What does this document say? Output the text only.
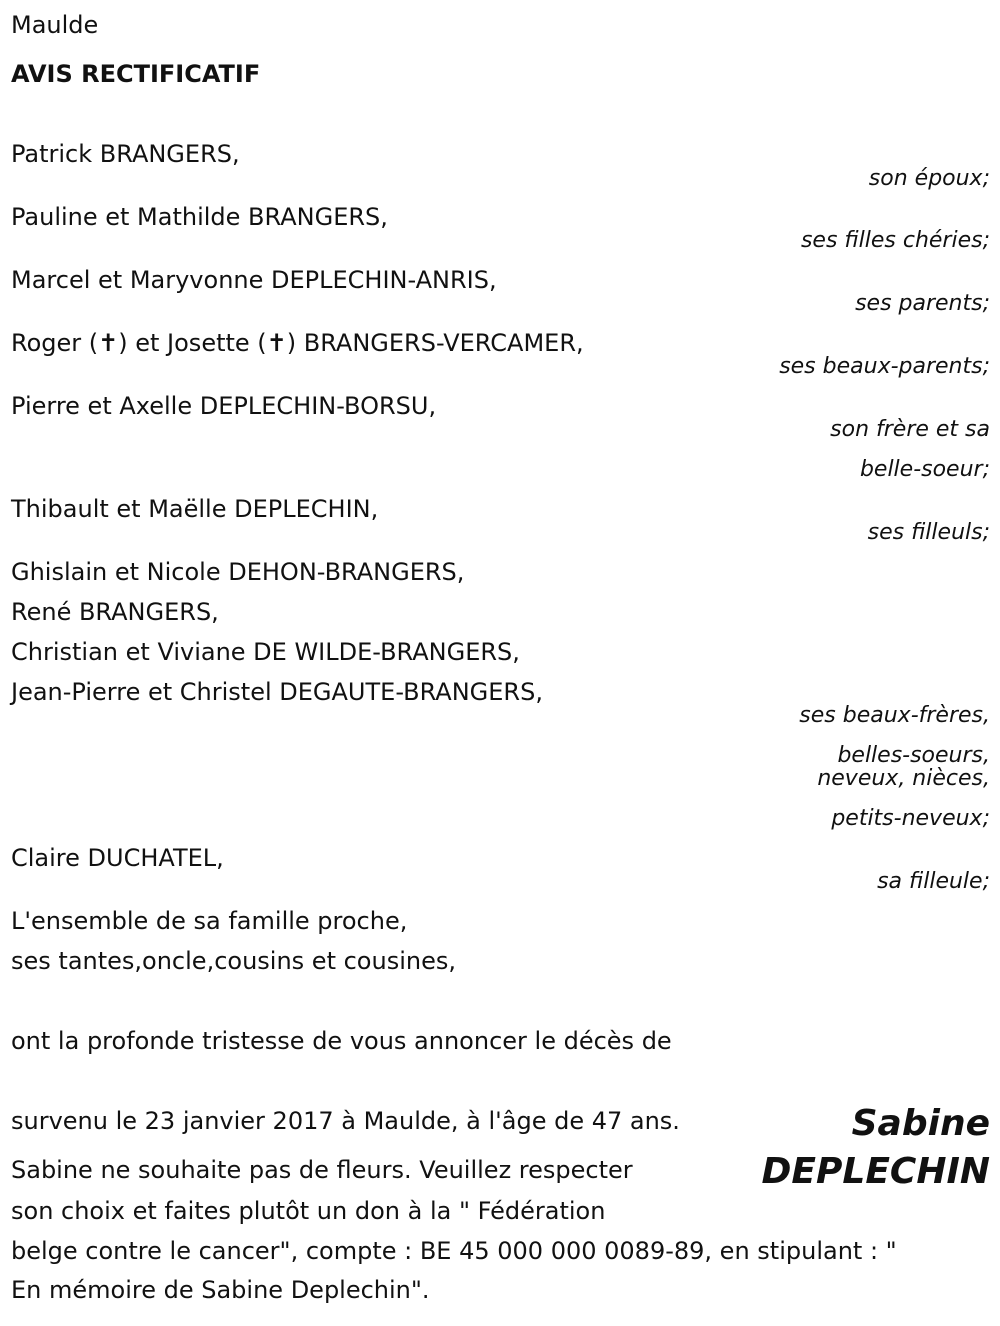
Maulde
AVIS RECTIFICATIF
Patrick BRANGERS,
son époux;
Pauline et Mathilde BRANGERS,
ses filles chéries;
Marcel et Maryvonne DEPLECHIN-ANRIS,
ses parents;
Roger (✝) et Josette (✝) BRANGERS-VERCAMER,
ses beaux-parents;
Pierre et Axelle DEPLECHIN-BORSU,
son frère et sa
belle-soeur;
Thibault et Maëlle DEPLECHIN,
ses filleuls;
Ghislain et Nicole DEHON-BRANGERS,
René BRANGERS,
Christian et Viviane DE WILDE-BRANGERS,
Jean-Pierre et Christel DEGAUTE-BRANGERS,
ses beaux-frères,
belles-soeurs,
neveux, nièces,
petits-neveux;
Claire DUCHATEL,
sa filleule;
L'ensemble de sa famille proche,
ses tantes,oncle,cousins et cousines,
ont la profonde tristesse de vous annoncer le décès de
Sabine
DEPLECHIN
survenu le 23 janvier 2017 à Maulde, à l'âge de 47 ans.
Sabine ne souhaite pas de fleurs. Veuillez respecter
son choix et faites plutôt un don à la " Fédération
belge contre le cancer", compte : BE 45 000 000 0089-89, en stipulant : "
En mémoire de Sabine Deplechin".
